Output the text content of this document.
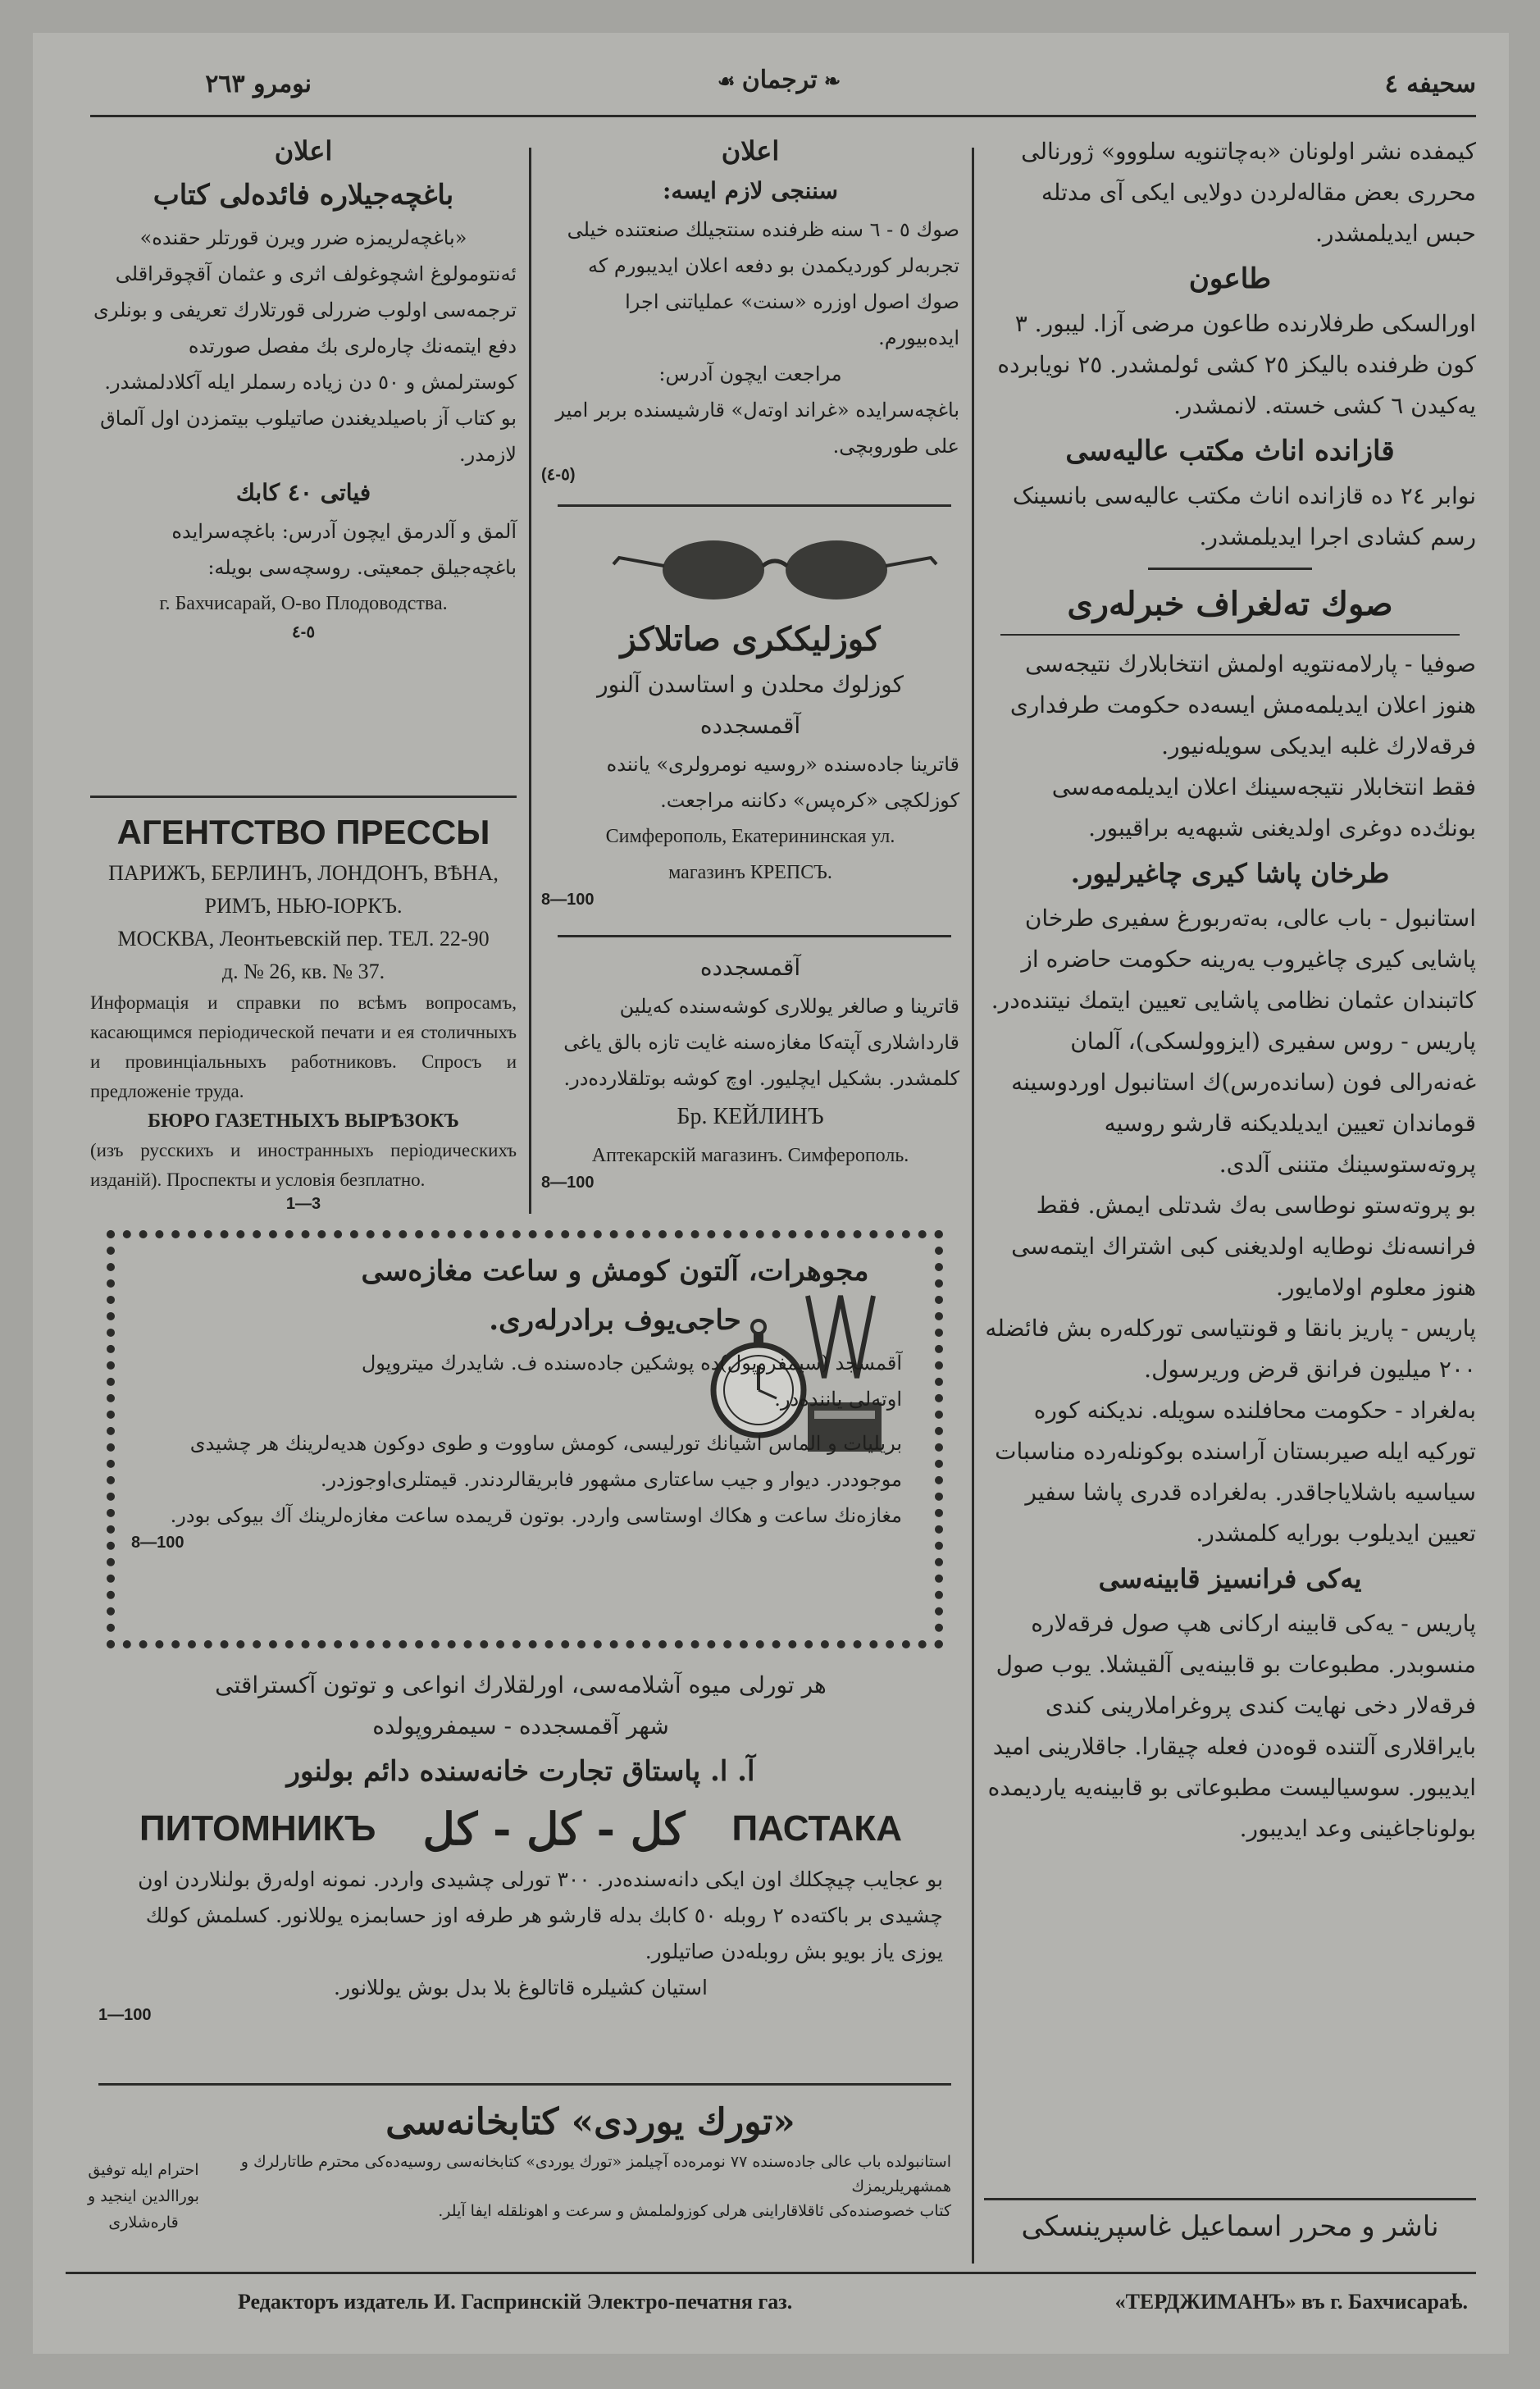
سحیفه ٤
❧ ترجمان ☙
نومرو ٢٦٣

کیمفده نشر اولونان «بەچاتنویە سلووو» ژورنالی محرری بعض مقالەلردن دولایی ایکی آی مدتلە حبس ایدیلمشدر.

طاعون

اورالسکی طرفلارنده طاعون مرضی آزا. لیبور. ٣ کون ظرفنده بالیکز ٢٥ کشی ئولمشدر. ٢٥ نویابردە یەکیدن ٦ کشی خستە. لانمشدر.

قازانده اناث مکتب عالیەسی

نوابر ٢٤ ده قازانده اناث مکتب عالیەسی بانسینک رسم کشادی اجرا ایدیلمشدر.

صوك تەلغراف خبرلەری

صوفیا - پارلامەنتویە اولمش انتخابلارك نتیجەسی هنوز اعلان ایدیلمەمش ایسەدە حکومت طرفداری فرقەلارك غلبە ایدیکی سویلەنیور.

فقط انتخابلار نتیجەسینك اعلان ایدیلمەمەسی بونك‌دە دوغری اولدیغنی شبهە‌یە براقیبور.

طرخان پاشا کیری چاغیرلیور.

استانبول - باب عالی، بەتەربورغ سفیری طرخان پاشایی کیری چاغیروب یەرینە حکومت حاضرە از کاتبندان عثمان نظامی پاشایی تعیین ایتمك نیتنده‌در.

پاریس - روس سفیری (ایزوولسکی)، آلمان غەنەرالی فون (ساندەرس)ك استانبول اوردوسینە قوماندان تعیین ایدیلدیکنە قارشو روسیە پروتەستوسینك متننی آلدی.

بو پروتەستو نوطاسی بەك شدتلی ایمش. فقط فرانسەنك نوطایە اولدیغنی کبی اشتراك ایتمەسی هنوز معلوم اولامایور.

پاریس - پاریز بانقا و قونتیاسی تورکلەرە بش فائضلە ٢٠٠ میلیون فرانق قرض وریرسول.

بەلغراد - حکومت محافلنده سویلە. ندیکنە کورە تورکیە ایلە صیربستان آراسنده بوکونلەردە مناسبات سیاسیە باشلایاجاقدر. بەلغرادە قدری پاشا سفیر تعیین ایدیلوب بورایە کلمشدر.

یەکی فرانسیز قابینەسی

پاریس - یەکی قابینە ارکانی هپ صول فرقەلارە منسوبدر. مطبوعات بو قابینەیی آلقیشلا. یوب صول فرقەلار دخی نهایت کندی پروغراملارینی کندی بایراقلاری آلتنده قوەدن فعلە چیقارا. جاقلارینی امید ایدیبور. سوسیالیست مطبوعاتی بو قابینەیە یاردیمدە بولوناجاغینی وعد ایدیبور.

ناشر و محرر اسماعیل غاسپرینسکی

اعلان

سننجی لازم ایسە:

صوك ٥ - ٦ سنە ظرفنده سنتجیلك صنعتنده خیلی تجربەلر کوردیکمدن بو دفعە اعلان ایدیبورم کە صوك اصول اوزرە «سنت» عملیاتنی اجرا ایدەبیورم.

مراجعت ایچون آدرس:

باغچەسرایده «غراند اوتەل» قارشیسنده بربر امیر علی طوروبچی.

(٥-٤)

کوزلیککری صاتلاکز

کوزلوك محلدن و استاسدن آلنور

آقمسجدده

قاترینا جادەسنده «روسیە نومرولری» یانندە کوزلکچی «کرەپس» دکاننه مراجعت.

Симферополь, Екатерининская ул.

магазинъ КРЕПСЪ.

8—100

آقمسجدده

قاترینا و صالغر یوللاری کوشەسنده کەیلین قارداشلاری آپتەکا مغازەسنە غایت تازە بالق یاغی کلمشدر. بشکیل ایچلیور. اوچ کوشە بوتلقلاردەدر.

Бр. КЕЙЛИНЪ

Аптекарскiй магазинъ. Симферополь.

8—100

اعلان

باغچەجیلارە فائدەلی کتاب

«باغچەلریمزە ضرر ویرن قورتلر حقنده»

ئەنتومولوغ اشچوغولف اثری و عثمان آقچوقراقلی ترجمەسی اولوب ضررلی قورتلارك تعریفی و بونلری دفع ایتمەنك چارەلری بك مفصل صورتدە کوسترلمش و ٥٠ دن زیادە رسملر ایلە آکلادلمشدر.

بو کتاب آز باصیلدیغندن صاتیلوب بیتمزدن اول آلماق لازمدر.

فیاتی ٤٠ کابك

آلمق و آلدرمق ایچون آدرس: باغچەسرایده باغچەجیلق جمعیتی. روسچەسی بویلە:

г. Бахчисарай, О-во Плодоводства.

٥-٤

АГЕНТСТВО ПРЕССЫ

ПАРИЖЪ, БЕРЛИНЪ, ЛОНДОНЪ, ВѢНА,

РИМЪ, НЬЮ-ІОРКЪ.

МОСКВА, Леонтьевскiй пер. ТЕЛ. 22-90

д. № 26, кв. № 37.

Информацiя и справки по всѣмъ вопросамъ, касающимся перiодической печати и ея столичныхъ и провинцiальныхъ работниковъ. Спросъ и предложенiе труда.

БЮРО ГАЗЕТНЫХЪ ВЫРѢЗОКЪ

(изъ русскихъ и иностранныхъ перiодическихъ изданiй). Проспекты и условiя безплатно.

1—3

مجوهرات، آلتون کومش و ساعت مغازەسی

حاجی‌یوف برادرلەری.

آقمسجد (سیمفروپول)ده پوشکین جادەسنده ف. شایدرك میتروپول اوتەلی یانندەدر.

بریلیات و الماس اشیانك تورلیسی، کومش ساووت و طوی دوکون هدیەلرینك هر چشیدی موجوددر. دیوار و جیب ساعتاری مشهور فابریقالردندر. قیمتلری‌اوجوزدر.

مغازەنك ساعت و هکاك اوستاسی واردر. بوتون قریمده ساعت مغازەلرینك آك بیوکی بودر.

8—100

هر تورلی میوە آشلامەسی، اورلقلارك انواعی و توتون آکستراقتی

شهر آقمسجدده - سیمفروپولده

آ. ا. پاستاق تجارت خانەسنده دائم بولنور

ПИТОМНИКЪ کل - کل - کل ПАСТАКА

بو عجایب چیچکلك اون ایکی دانەسنده‌در. ٣٠٠ تورلی چشیدی واردر. نمونە اولەرق بولنلاردن اون چشیدی بر باکتەدە ٢ روبلە ٥٠ کابك بدلە قارشو هر طرفە اوز حسابمزە یوللانور. کسلمش کولك یوزی یاز بویو بش روبلەدن صاتیلور.

استیان کشیلرە قاتالوغ بلا بدل بوش یوللانور.

1—100

«تورك یوردی» کتابخانەسی

استانبولده باب عالی جادەسنده ٧٧ نومرەدە آچیلمز «تورك یوردی» کتابخانەسی روسیەدەکی محترم طاتارلرك و همشهریلریمزك

کتاب خصوصندەکی ئاقلاقاراینی هرلی کوزولملمش و سرعت و اهونلقلە ایفا آیلر.

احترام ایلە توفیق بوراالدین اینجید و قارەشلاری
Редакторъ издатель И. Гаспринскiй Электро-печатня газ.	«ТЕРДЖИМАНЪ» въ г. Бахчисараѣ.
